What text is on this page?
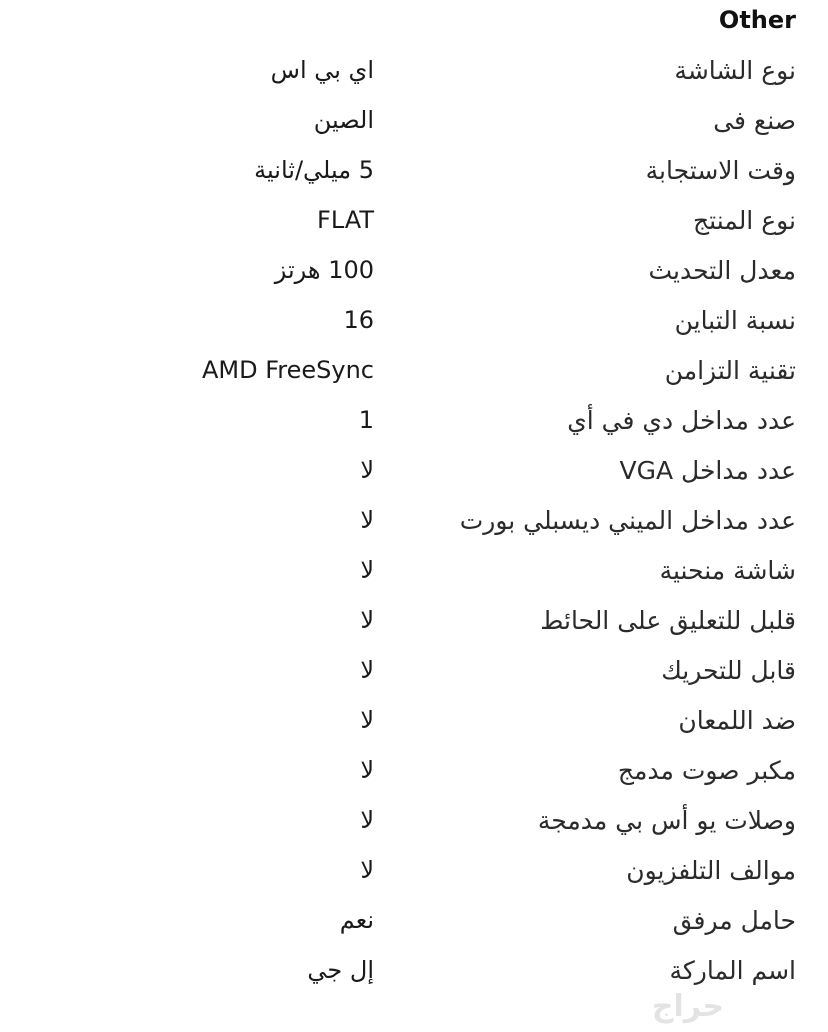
Other
نوع الشاشة
اي بي اس
صنع فى
الصين
وقت الاستجابة
5 ميلي/ثانية
نوع المنتج
FLAT
معدل التحديث
100 هرتز
نسبة التباين
16
تقنية التزامن
AMD FreeSync
عدد مداخل دي في أي
1
عدد مداخل VGA
لا
عدد مداخل الميني ديسبلي بورت
لا
شاشة منحنية
لا
قلبل للتعليق على الحائط
لا
قابل للتحريك
لا
ضد اللمعان
لا
مكبر صوت مدمج
لا
وصلات يو أس بي مدمجة
لا
موالف التلفزيون
لا
حامل مرفق
نعم
اسم الماركة
إل جي
حراج
